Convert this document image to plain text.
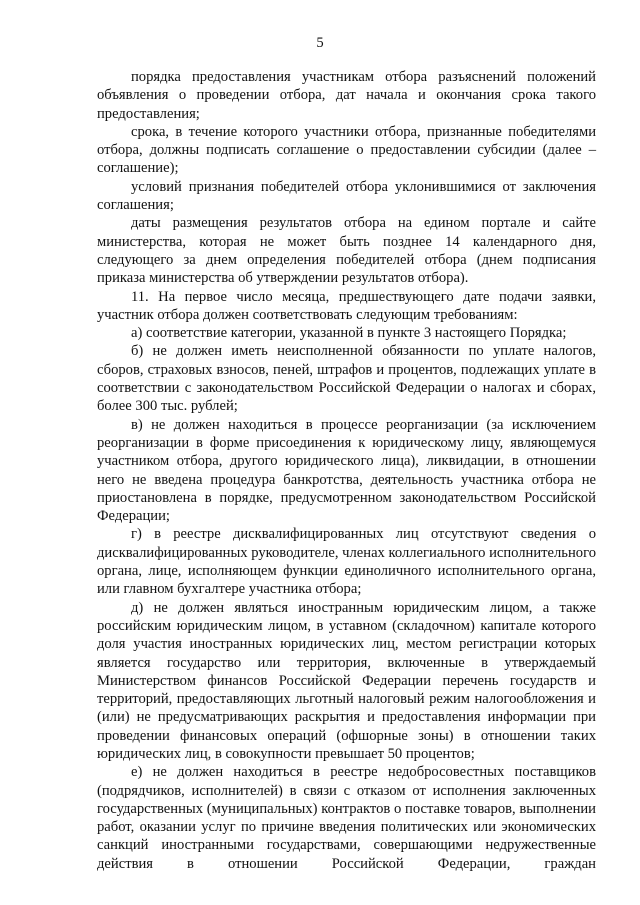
5

порядка предоставления участникам отбора разъяснений положений объявления о проведении отбора, дат начала и окончания срока такого предоставления;

срока, в течение которого участники отбора, признанные победителями отбора, должны подписать соглашение о предоставлении субсидии (далее – соглашение);

условий признания победителей отбора уклонившимися от заключения соглашения;

даты размещения результатов отбора на едином портале и сайте министерства, которая не может быть позднее 14 календарного дня, следующего за днем определения победителей отбора (днем подписания приказа министерства об утверждении результатов отбора).

11. На первое число месяца, предшествующего дате подачи заявки, участник отбора должен соответствовать следующим требованиям:

а) соответствие категории, указанной в пункте 3 настоящего Порядка;

б) не должен иметь неисполненной обязанности по уплате налогов, сборов, страховых взносов, пеней, штрафов и процентов, подлежащих уплате в соответствии с законодательством Российской Федерации о налогах и сборах, более 300 тыс. рублей;

в) не должен находиться в процессе реорганизации (за исключением реорганизации в форме присоединения к юридическому лицу, являющемуся участником отбора, другого юридического лица), ликвидации, в отношении него не введена процедура банкротства, деятельность участника отбора не приостановлена в порядке, предусмотренном законодательством Российской Федерации;

г) в реестре дисквалифицированных лиц отсутствуют сведения о дисквалифицированных руководителе, членах коллегиального исполнительного органа, лице, исполняющем функции единоличного исполнительного органа, или главном бухгалтере участника отбора;

д) не должен являться иностранным юридическим лицом, а также российским юридическим лицом, в уставном (складочном) капитале которого доля участия иностранных юридических лиц, местом регистрации которых является государство или территория, включенные в утверждаемый Министерством финансов Российской Федерации перечень государств и территорий, предоставляющих льготный налоговый режим налогообложения и (или) не предусматривающих раскрытия и предоставления информации при проведении финансовых операций (офшорные зоны) в отношении таких юридических лиц, в совокупности превышает 50 процентов;

е) не должен находиться в реестре недобросовестных поставщиков (подрядчиков, исполнителей) в связи с отказом от исполнения заключенных государственных (муниципальных) контрактов о поставке товаров, выполнении работ, оказании услуг по причине введения политических или экономических санкций иностранными государствами, совершающими недружественные действия в отношении Российской Федерации, граждан
